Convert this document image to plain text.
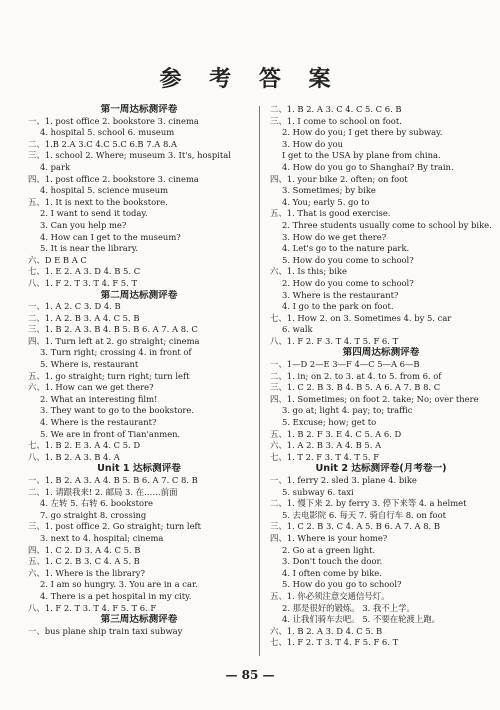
参 考 答 案
第一周达标测评卷
一、1. post office 2. bookstore 3. cinema
4. hospital 5. school 6. museum
二、1.B 2.A 3.C 4.C 5.C 6.B 7.A 8.A
三、1. school 2. Where; museum 3. It's, hospital
4. park
四、1. post office 2. bookstore 3. cinema
4. hospital 5. science museum
五、1. It is next to the bookstore.
2. I want to send it today.
3. Can you help me?
4. How can I get to the museum?
5. It is near the library.
六、D E B A C
七、1. E 2. A 3. D 4. B 5. C
八、1. F 2. T 3. T 4. F 5. T
第二周达标测评卷
一、1. A 2. C 3. D 4. B
二、1. A 2. B 3. A 4. C 5. B
三、1. B 2. A 3. B 4. B 5. B 6. A 7. A 8. C
四、1. Turn left at 2. go straight; cinema
3. Turn right; crossing 4. in front of
5. Where is, restaurant
五、1. go straight; turn right; turn left
六、1. How can we get there?
2. What an interesting film!
3. They want to go to the bookstore.
4. Where is the restaurant?
5. We are in front of Tian'anmen.
七、1. B 2. E 3. A 4. C 5. D
八、1. B 2. A 3. B 4. A
Unit 1 达标测评卷
一、1. B 2. A 3. A 4. B 5. B 6. A 7. C 8. B
二、1. 请跟我来! 2. 邮局 3. 在……前面
4. 左转 5. 右转 6. bookstore
7. go straight 8. crossing
三、1. post office 2. Go straight; turn left
3. next to 4. hospital; cinema
四、1. C 2. D 3. A 4. C 5. B
五、1. C 2. B 3. C 4. A 5. B
六、1. Where is the library?
2. I am so hungry. 3. You are in a car.
4. There is a pet hospital in my city.
八、1. F 2. T 3. T 4. F 5. T 6. F
第三周达标测评卷
一、bus plane ship train taxi subway
二、1. B 2. A 3. C 4. C 5. C 6. B
三、1. I come to school on foot.
2. How do you; I get there by subway.
3. How do you
I get to the USA by plane from china.
4. How do you go to Shanghai? By train.
四、1. your bike 2. often; on foot
3. Sometimes; by bike
4. You; early 5. go to
五、1. That is good exercise.
2. Three students usually come to school by bike.
3. How do we get there?
4. Let's go to the nature park.
5. How do you come to school?
六、1. Is this; bike
2. How do you come to school?
3. Where is the restaurant?
4. I go to the park on foot.
七、1. How 2. on 3. Sometimes 4. by 5. car
6. walk
八、1. F 2. F 3. T 4. T 5. F 6. T
第四周达标测评卷
一、1—D 2—E 3—F 4—C 5—A 6—B
二、1. in; on 2. to 3. at 4. to 5. from 6. of
三、1. C 2. B 3. B 4. B 5. A 6. A 7. B 8. C
四、1. Sometimes; on foot 2. take; No; over there
3. go at; light 4. pay; to; traffic
5. Excuse; how; get to
五、1. B 2. F 3. E 4. C 5. A 6. D
六、1. A 2. B 3. A 4. B 5. A
七、1. T 2. F 3. T 4. T 5. F
Unit 2 达标测评卷(月考卷一)
一、1. ferry 2. sled 3. plane 4. bike
5. subway 6. taxi
二、1. 慢下来 2. by ferry 3. 停下来等 4. a helmet
5. 去电影院 6. 每天 7. 骑自行车 8. on foot
三、1. C 2. B 3. C 4. A 5. B 6. A 7. A 8. B
四、1. Where is your home?
2. Go at a green light.
3. Don't touch the door.
4. I often come by bike.
5. How do you go to school?
五、1. 你必须注意交通信号灯。
2. 那是很好的锻炼。 3. 我不上学。
4. 让我们骑车去吧。 5. 不要在轮渡上跑。
六、1. B 2. A 3. D 4. C 5. B
七、1. F 2. T 3. T 4. F 5. F 6. T
— 85 —
